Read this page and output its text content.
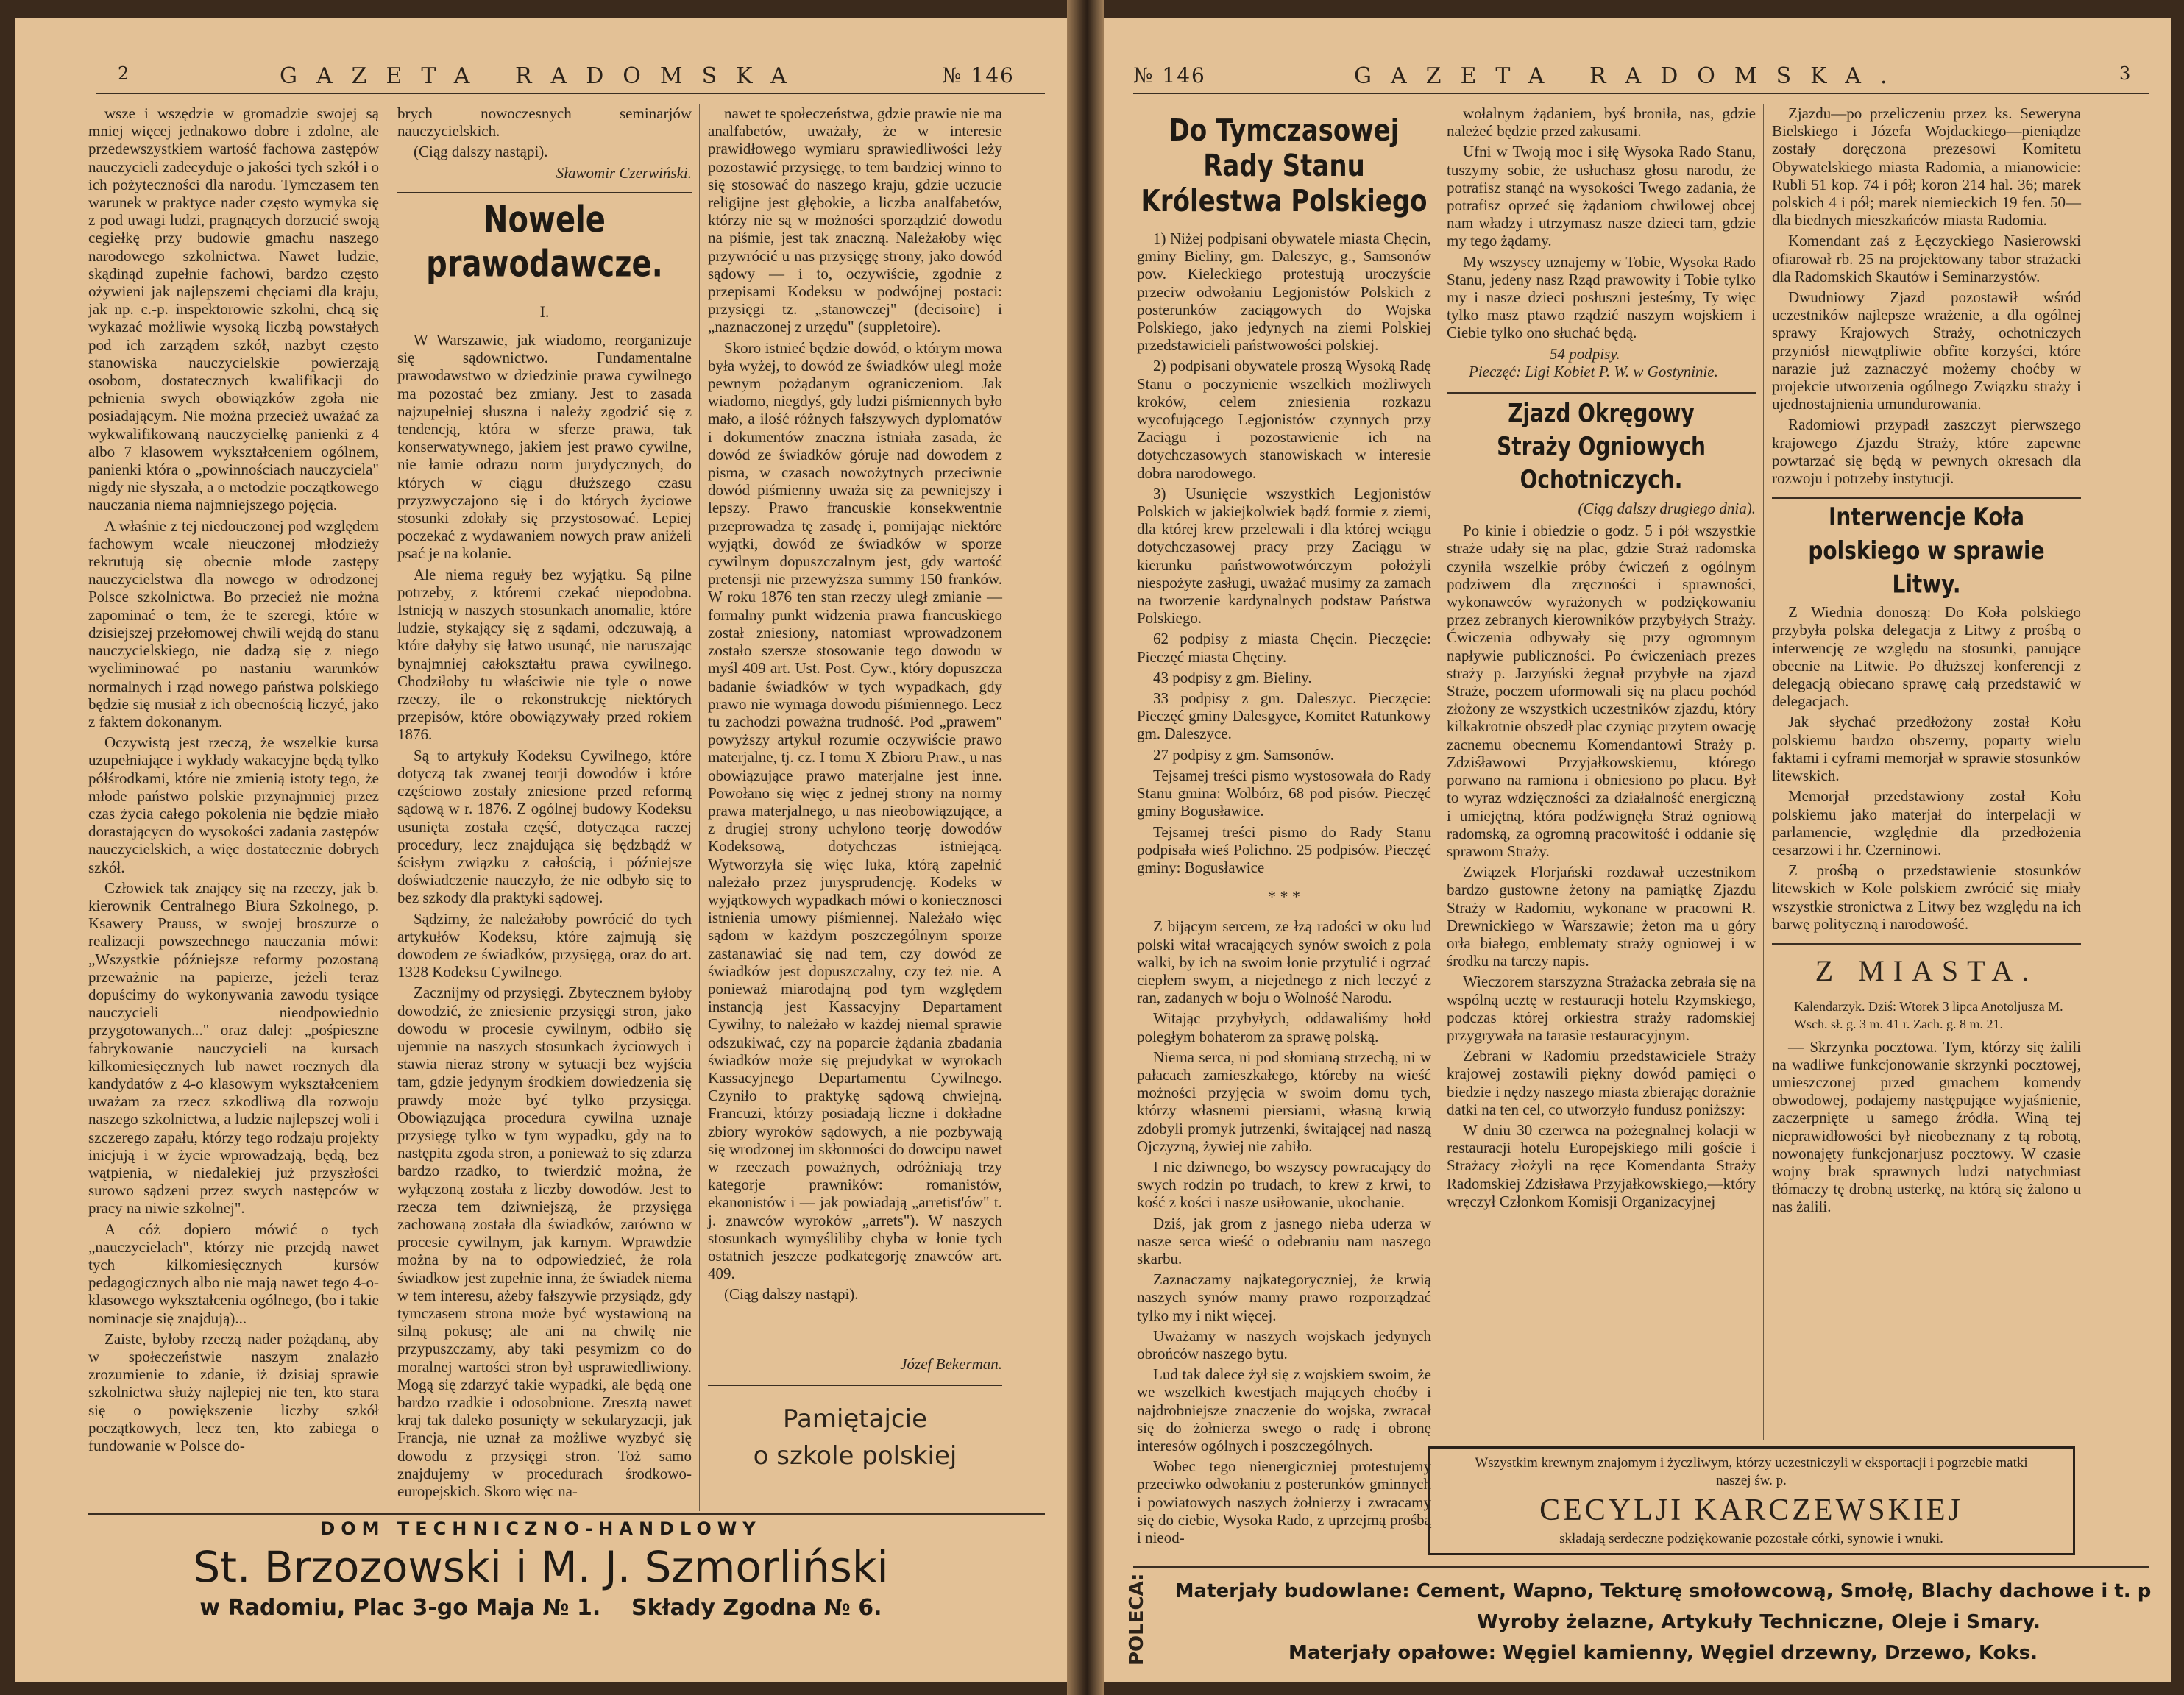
2	GAZETA RADOMSKA	№ 146

wsze i wszędzie w gromadzie swojej są mniej więcej jednakowo dobre i zdolne, ale przedewszystkiem wartość fachowa zastępów nauczycieli zadecyduje o jakości tych szkół i o ich pożyteczności dla narodu. Tymczasem ten warunek w praktyce nader często wymyka się z pod uwagi ludzi, pragnących dorzucić swoją cegiełkę przy budowie gmachu naszego narodowego szkolnictwa. Nawet ludzie, skądinąd zupełnie fachowi, bardzo często ożywieni jak najlepszemi chęciami dla kraju, jak np. c.-p. inspektorowie szkolni, chcą się wykazać możliwie wysoką liczbą powstałych pod ich zarządem szkół, nazbyt często stanowiska nauczycielskie powierzają osobom, dostatecznych kwalifikacji do pełnienia swych obowiązków zgoła nie posiadającym. Nie można przecież uważać za wykwalifikowaną nauczycielkę panienki z 4 albo 7 klasowem wykształceniem ogólnem, panienki która o „powinnościach nauczyciela" nigdy nie słyszała, a o metodzie początkowego nauczania niema najmniejszego pojęcia.

A właśnie z tej niedouczonej pod względem fachowym wcale nieuczonej młodzieży rekrutują się obecnie młode zastępy nauczycielstwa dla nowego w odrodzonej Polsce szkolnictwa. Bo przecież nie można zapominać o tem, że te szeregi, które w dzisiejszej przełomowej chwili wejdą do stanu nauczycielskiego, nie dadzą się z niego wyeliminować po nastaniu warunków normalnych i rząd nowego państwa polskiego będzie się musiał z ich obecnością liczyć, jako z faktem dokonanym.

Oczywistą jest rzeczą, że wszelkie kursa uzupełniające i wykłady wakacyjne będą tylko półśrodkami, które nie zmienią istoty tego, że młode państwo polskie przynajmniej przez czas życia całego pokolenia nie będzie miało dorastającycn do wysokości zadania zastępów nauczycielskich, a więc dostatecznie dobrych szkół.

Człowiek tak znający się na rzeczy, jak b. kierownik Centralnego Biura Szkolnego, p. Ksawery Prauss, w swojej broszurze o realizacji powszechnego nauczania mówi: „Wszystkie późniejsze reformy pozostaną przeważnie na papierze, jeżeli teraz dopuścimy do wykonywania zawodu tysiące nauczycieli nieodpowiednio przygotowanych..." oraz dalej: „pośpieszne fabrykowanie nauczycieli na kursach kilkomiesięcznych lub nawet rocznych dla kandydatów z 4-o klasowym wykształceniem uważam za rzecz szkodliwą dla rozwoju naszego szkolnictwa, a ludzie najlepszej woli i szczerego zapału, którzy tego rodzaju projekty inicjują i w życie wprowadzają, będą, bez wątpienia, w niedalekiej już przyszłości surowo sądzeni przez swych następców w pracy na niwie szkolnej".

A cóż dopiero mówić o tych „nauczycielach", którzy nie przejdą nawet tych kilkomiesięcznych kursów pedagogicznych albo nie mają nawet tego 4-o-klasowego wykształcenia ogólnego, (bo i takie nominacje się znajdują)...

Zaiste, byłoby rzeczą nader pożądaną, aby w społeczeństwie naszym znalazło zrozumienie to zdanie, iż dzisiaj sprawie szkolnictwa służy najlepiej nie ten, kto stara się o powiększenie liczby szkół początkowych, lecz ten, kto zabiega o fundowanie w Polsce do-

brych nowoczesnych seminarjów nauczycielskich.

(Ciąg dalszy nastąpi).

Sławomir Czerwiński.
Nowele prawodawcze.
I.

W Warszawie, jak wiadomo, reorganizuje się sądownictwo. Fundamentalne prawodawstwo w dziedzinie prawa cywilnego ma pozostać bez zmiany. Jest to zasada najzupełniej słuszna i należy zgodzić się z tendencją, która w sferze prawa, tak konserwatywnego, jakiem jest prawo cywilne, nie łamie odrazu norm jurydycznych, do których w ciągu dłuższego czasu przyzwyczajono się i do których życiowe stosunki zdołały się przystosować. Lepiej poczekać z wydawaniem nowych praw aniżeli psać je na kolanie.

Ale niema reguły bez wyjątku. Są pilne potrzeby, z któremi czekać niepodobna. Istnieją w naszych stosunkach anomalie, które ludzie, stykający się z sądami, odczuwają, a które dałyby się łatwo usunąć, nie naruszając bynajmniej całokształtu prawa cywilnego. Chodziłoby tu właściwie nie tyle o nowe rzeczy, ile o rekonstrukcję niektórych przepisów, które obowiązywały przed rokiem 1876.

Są to artykuły Kodeksu Cywilnego, które dotyczą tak zwanej teorji dowodów i które częściowo zostały zniesione przed reformą sądową w r. 1876. Z ogólnej budowy Kodeksu usunięta została część, dotycząca raczej procedury, lecz znajdująca się będzbądź w ścisłym związku z całością, i późniejsze doświadczenie nauczyło, że nie odbyło się to bez szkody dla praktyki sądowej.

Sądzimy, że należałoby powrócić do tych artykułów Kodeksu, które zajmują się dowodem ze świadków, przysięgą, oraz do art. 1328 Kodeksu Cywilnego.

Zacznijmy od przysięgi. Zbytecznem byłoby dowodzić, że zniesienie przysięgi stron, jako dowodu w procesie cywilnym, odbiło się ujemnie na naszych stosunkach życiowych i stawia nieraz strony w sytuacji bez wyjścia tam, gdzie jedynym środkiem dowiedzenia się prawdy może być tylko przysięga. Obowiązująca procedura cywilna uznaje przysięgę tylko w tym wypadku, gdy na to następita zgoda stron, a ponieważ to się zdarza bardzo rzadko, to twierdzić można, że wyłączoną została z liczby dowodów. Jest to rzecza tem dziwniejszą, że przysięga zachowaną została dla świadków, zarówno w procesie cywilnym, jak karnym. Wprawdzie można by na to odpowiedzieć, że rola świadkow jest zupełnie inna, że świadek niema w tem interesu, ażeby fałszywie przysiądz, gdy tymczasem strona może być wystawioną na silną pokusę; ale ani na chwilę nie przypuszczamy, aby taki pesymizm co do moralnej wartości stron był usprawiedliwiony. Mogą się zdarzyć takie wypadki, ale będą one bardzo rzadkie i odosobnione. Zresztą nawet kraj tak daleko posunięty w sekularyzacji, jak Francja, nie uznał za możliwe wyzbyć się dowodu z przysięgi stron. Toż samo znajdujemy w procedurach środkowo-europejskich. Skoro więc na-

nawet te społeczeństwa, gdzie prawie nie ma analfabetów, uważały, że w interesie prawidłowego wymiaru sprawiedliwości leży pozostawić przysięgę, to tem bardziej winno to się stosować do naszego kraju, gdzie uczucie religijne jest głębokie, a liczba analfabetów, którzy nie są w możności sporządzić dowodu na piśmie, jest tak znaczną. Należałoby więc przywrócić u nas przysięgę strony, jako dowód sądowy — i to, oczywiście, zgodnie z przepisami Kodeksu w podwójnej postaci: przysięgi tz. „stanowczej" (decisoire) i „naznaczonej z urzędu" (suppletoire).

Skoro istnieć będzie dowód, o którym mowa była wyżej, to dowód ze świadków ulegl może pewnym pożądanym ograniczeniom. Jak wiadomo, niegdyś, gdy ludzi piśmiennych było mało, a ilość różnych fałszywych dyplomatów i dokumentów znaczna istniała zasada, że dowód ze świadków góruje nad dowodem z pisma, w czasach nowożytnych przeciwnie dowód piśmienny uważa się za pewniejszy i lepszy. Prawo francuskie konsekwentnie przeprowadza tę zasadę i, pomijając niektóre wyjątki, dowód ze świadków w sporze cywilnym dopuszczalnym jest, gdy wartość pretensji nie przewyższa summy 150 franków. W roku 1876 ten stan rzeczy uległ zmianie — formalny punkt widzenia prawa francuskiego został zniesiony, natomiast wprowadzonem zostało szersze stosowanie tego dowodu w myśl 409 art. Ust. Post. Cyw., który dopuszcza badanie świadków w tych wypadkach, gdy prawo nie wymaga dowodu piśmiennego. Lecz tu zachodzi poważna trudność. Pod „prawem" powyższy artykuł rozumie oczywiście prawo materjalne, tj. cz. I tomu X Zbioru Praw., u nas obowiązujące prawo materjalne jest inne. Powołano się więc z jednej strony na normy prawa materjalnego, u nas nieobowiązujące, a z drugiej strony uchylono teorję dowodów Kodeksową, dotychczas istniejącą. Wytworzyła się więc luka, którą zapełnić należało przez jurysprudencję. Kodeks w wyjątkowych wypadkach mówi o koniecznosci istnienia umowy piśmiennej. Należało więc sądom w każdym poszczególnym sporze zastanawiać się nad tem, czy dowód ze świadków jest dopuszczalny, czy też nie. A ponieważ miarodajną pod tym względem instancją jest Kassacyjny Departament Cywilny, to należało w każdej niemal sprawie odszukiwać, czy na poparcie żądania zbadania świadków może się prejudykat w wyrokach Kassacyjnego Departamentu Cywilnego. Czyniło to praktykę sądową chwiejną. Francuzi, którzy posiadają liczne i dokładne zbiory wyroków sądowych, a nie pozbywają się wrodzonej im skłonności do dowcipu nawet w rzeczach poważnych, odróżniają trzy kategorje prawników: romanistów, ekanonistów i — jak powiadają „arretist'ów" t. j. znawców wyroków „arrets"). W naszych stosunkach wymyśliliby chyba w łonie tych ostatnich jeszcze podkategorję znawców art. 409.

(Ciąg dalszy nastąpi).

Józef Bekerman.
Pamiętajcie
o szkole polskiej
DOM TECHNICZNO-HANDLOWY
St. Brzozowski i M. J. Szmorliński
w Radomiu, Plac 3-go Maja № 1.    Składy Zgodna № 6.
№ 146	GAZETA RADOMSKA.	3
Do Tymczasowej Rady Stanu Królestwa Polskiego

1) Niżej podpisani obywatele miasta Chęcin, gminy Bieliny, gm. Daleszyc, g., Samsonów pow. Kieleckiego protestują uroczyście przeciw odwołaniu Legjonistów Polskich z posterunków zaciągowych do Wojska Polskiego, jako jedynych na ziemi Polskiej przedstawicieli państwowości polskiej.

2) podpisani obywatele proszą Wysoką Radę Stanu o poczynienie wszelkich możliwych kroków, celem zniesienia rozkazu wycofującego Legjonistów czynnych przy Zaciągu i pozostawienie ich na dotychczasowych stanowiskach w interesie dobra narodowego.

3) Usunięcie wszystkich Legjonistów Polskich w jakiejkolwiek bądź formie z ziemi, dla której krew przelewali i dla której wciągu dotychczasowej pracy przy Zaciągu w kierunku państwowotwórczym położyli niespożyte zasługi, uważać musimy za zamach na tworzenie kardynalnych podstaw Państwa Polskiego.

62 podpisy z miasta Chęcin. Pieczęcie: Pieczęć miasta Chęciny.

43 podpisy z gm. Bieliny.

33 podpisy z gm. Daleszyc. Pieczęcie: Pieczęć gminy Dalesgyce, Komitet Ratunkowy gm. Daleszyce.

27 podpisy z gm. Samsonów.

Tejsamej treści pismo wystosowała do Rady Stanu gmina: Wolbórz, 68 pod pisów. Pieczęć gminy Bogusławice.

Tejsamej treści pismo do Rady Stanu podpisała wieś Polichno. 25 podpisów. Pieczęć gminy: Bogusławice

* * *

Z bijącym sercem, ze łzą radości w oku lud polski witał wracających synów swoich z pola walki, by ich na swoim łonie przytulić i ogrzać ciepłem swym, a niejednego z nich leczyć z ran, zadanych w boju o Wolność Narodu.

Witając przybyłych, oddawaliśmy hołd poległym bohaterom za sprawę polską.

Niema serca, ni pod słomianą strzechą, ni w pałacach zamieszkałego, któreby na wieść możności przyjęcia w swoim domu tych, którzy własnemi piersiami, własną krwią zdobyli promyk jutrzenki, świtającej nad naszą Ojczyzną, żywiej nie zabiło.

I nic dziwnego, bo wszyscy powracający do swych rodzin po trudach, to krew z krwi, to kość z kości i nasze usiłowanie, ukochanie.

Dziś, jak grom z jasnego nieba uderza w nasze serca wieść o odebraniu nam naszego skarbu.

Zaznaczamy najkategoryczniej, że krwią naszych synów mamy prawo rozporządzać tylko my i nikt więcej.

Uważamy w naszych wojskach jedynych obrońców naszego bytu.

Lud tak dalece żył się z wojskiem swoim, że we wszelkich kwestjach mających choćby i najdrobniejsze znaczenie do wojska, zwracał się do żołnierza swego o radę i obronę interesów ogólnych i poszczególnych.

Wobec tego nienergiczniej protestujemy przeciwko odwołaniu z posterunków gminnych i powiatowych naszych żołnierzy i zwracamy się do ciebie, Wysoka Rado, z uprzejmą prośbą i nieod-

wołalnym żądaniem, byś broniła, nas, gdzie należeć będzie przed zakusami.

Ufni w Twoją moc i siłę Wysoka Rado Stanu, tuszymy sobie, że usłuchasz głosu narodu, że potrafisz stanąć na wysokości Twego zadania, że potrafisz oprzeć się żądaniom chwilowej obcej nam władzy i utrzymasz nasze dzieci tam, gdzie my tego żądamy.

My wszyscy uznajemy w Tobie, Wysoka Rado Stanu, jedeny nasz Rząd prawowity i Tobie tylko my i nasze dzieci posłuszni jesteśmy, Ty więc tylko masz ptawo rządzić naszym wojskiem i Ciebie tylko ono słuchać będą.

54 podpisy.
Pieczęć: Ligi Kobiet P. W. w Gostyninie.
Zjazd Okręgowy Straży Ogniowych Ochotniczych.
(Ciąg dalszy drugiego dnia).

Po kinie i obiedzie o godz. 5 i pół wszystkie straże udały się na plac, gdzie Straż radomska czyniła wszelkie próby ćwiczeń z ogólnym podziwem dla zręczności i sprawności, wykonawców wyrażonych w podziękowaniu przez zebranych kierowników przybyłych Straży. Ćwiczenia odbywały się przy ogromnym napływie publiczności. Po ćwiczeniach prezes straży p. Jarzyński żegnał przybyłe na zjazd Straże, poczem uformowali się na placu pochód złożony ze wszystkich uczestników zjazdu, który kilkakrotnie obszedł plac czyniąc przytem owację zacnemu obecnemu Komendantowi Straży p. Zdziśławowi Przyjałkowskiemu, którego porwano na ramiona i obniesiono po placu. Był to wyraz wdzięczności za działalność energiczną i umiejętną, która podźwignęła Straż ogniową radomską, za ogromną pracowitość i oddanie się sprawom Straży.

Związek Florjański rozdawał uczestnikom bardzo gustowne żetony na pamiątkę Zjazdu Straży w Radomiu, wykonane w pracowni R. Drewnickiego w Warszawie; żeton ma u góry orła białego, emblematy straży ogniowej i w środku na tarczy napis.

Wieczorem starszyzna Strażacka zebrała się na wspólną ucztę w restauracji hotelu Rzymskiego, podczas której orkiestra straży radomskiej przygrywała na tarasie restauracyjnym.

Zebrani w Radomiu przedstawiciele Straży krajowej zostawili piękny dowód pamięci o biedzie i nędzy naszego miasta zbierając dorażnie datki na ten cel, co utworzyło fundusz poniższy:

W dniu 30 czerwca na pożegnalnej kolacji w restauracji hotelu Europejskiego mili goście i Strażacy złożyli na ręce Komendanta Straży Radomskiej Zdzisława Przyjałkowskiego,—który wręczył Członkom Komisji Organizacyjnej

Zjazdu—po przeliczeniu przez ks. Seweryna Bielskiego i Józefa Wojdackiego—pieniądze zostały doręczona prezesowi Komitetu Obywatelskiego miasta Radomia, a mianowicie: Rubli 51 kop. 74 i pół; koron 214 hal. 36; marek polskich 4 i pół; marek niemieckich 19 fen. 50—dla biednych mieszkańców miasta Radomia.

Komendant zaś z Łęczyckiego Nasierowski ofiarował rb. 25 na projektowany tabor strażacki dla Radomskich Skautów i Seminarzystów.

Dwudniowy Zjazd pozostawił wśród uczestników najlepsze wrażenie, a dla ogólnej sprawy Krajowych Straży, ochotniczych przyniósł niewątpliwie obfite korzyści, które narazie już zaznaczyć możemy choćby w projekcie utworzenia ogólnego Związku straży i ujednostajnienia umundurowania.

Radomiowi przypadł zaszczyt pierwszego krajowego Zjazdu Straży, które zapewne powtarzać się będą w pewnych okresach dla rozwoju i potrzeby instytucji.

Interwencje Koła polskiego w sprawie Litwy.

Z Wiednia donoszą: Do Koła polskiego przybyła polska delegacja z Litwy z prośbą o interwencję ze względu na stosunki, panujące obecnie na Litwie. Po dłuższej konferencji z delegacją obiecano sprawę całą przedstawić w delegacjach.

Jak słychać przedłożony został Kołu polskiemu bardzo obszerny, poparty wielu faktami i cyframi memorjał w sprawie stosunków litewskich.

Memorjał przedstawiony został Kołu polskiemu jako materjał do interpelacji w parlamencie, względnie dla przedłożenia cesarzowi i hr. Czerninowi.

Z prośbą o przedstawienie stosunków litewskich w Kole polskiem zwrócić się miały wszystkie stronictwa z Litwy bez względu na ich barwę polityczną i narodowość.

Z MIASTA.
Kalendarzyk. Dziś: Wtorek 3 lipca Anotoljusza M.
Wsch. sł. g. 3 m. 41 r. Zach. g. 8 m. 21.

— Skrzynka pocztowa. Tym, którzy się żalili na wadliwe funkcjonowanie skrzynki pocztowej, umieszczonej przed gmachem komendy obwodowej, podajemy następujące wyjaśnienie, zaczerpnięte u samego źródła. Winą tej nieprawidłowości był nieobeznany z tą robotą, nowonajęty funkcjonarjusz pocztowy. W czasie wojny brak sprawnych ludzi natychmiast tłómaczy tę drobną usterkę, na którą się żalono u nas żalili.

Wszystkim krewnym znajomym i życzliwym, którzy uczestniczyli w eksportacji i pogrzebie matki naszej św. p.
CECYLJI KARCZEWSKIEJ
składają serdeczne podziękowanie pozostałe córki, synowie i wnuki.
POLECA:	Materjały budowlane: Cement, Wapno, Tekturę smołowcową, Smołę, Blachy dachowe i t. p
Wyroby żelazne, Artykuły Techniczne, Oleje i Smary.
Materjały opałowe: Węgiel kamienny, Węgiel drzewny, Drzewo, Koks.
